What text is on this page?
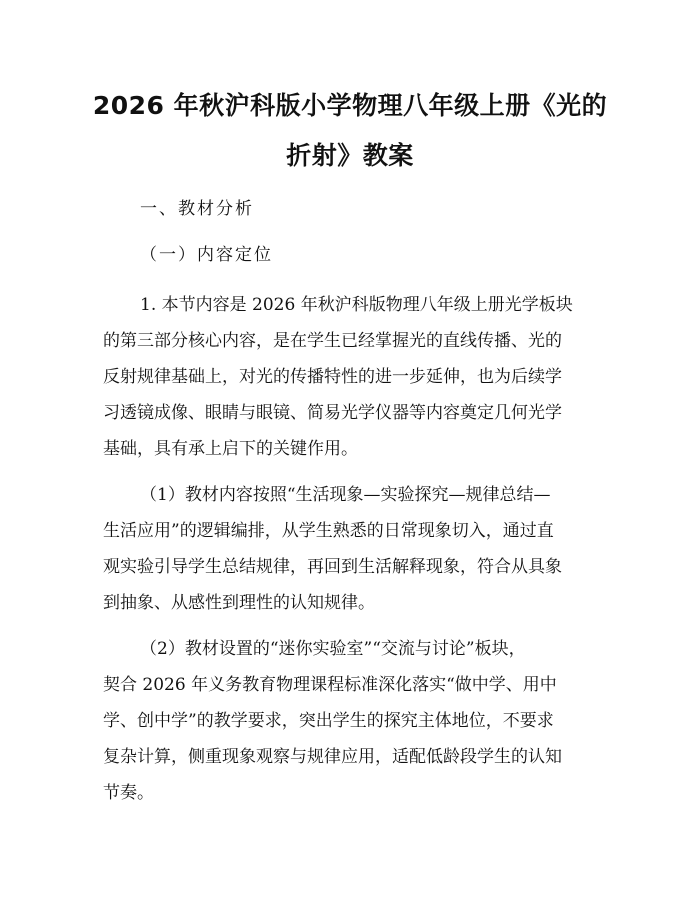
2026 年秋沪科版小学物理八年级上册《光的
折射》教案
一、教材分析
（一）内容定位
1. 本节内容是 2026 年秋沪科版物理八年级上册光学板块
的第三部分核心内容，是在学生已经掌握光的直线传播、光的
反射规律基础上，对光的传播特性的进一步延伸，也为后续学
习透镜成像、眼睛与眼镜、简易光学仪器等内容奠定几何光学
基础，具有承上启下的关键作用。
（1）教材内容按照“生活现象—实验探究—规律总结—
生活应用”的逻辑编排，从学生熟悉的日常现象切入，通过直
观实验引导学生总结规律，再回到生活解释现象，符合从具象
到抽象、从感性到理性的认知规律。
（2）教材设置的“迷你实验室”“交流与讨论”板块，
契合 2026 年义务教育物理课程标准深化落实“做中学、用中
学、创中学”的教学要求，突出学生的探究主体地位，不要求
复杂计算，侧重现象观察与规律应用，适配低龄段学生的认知
节奏。
